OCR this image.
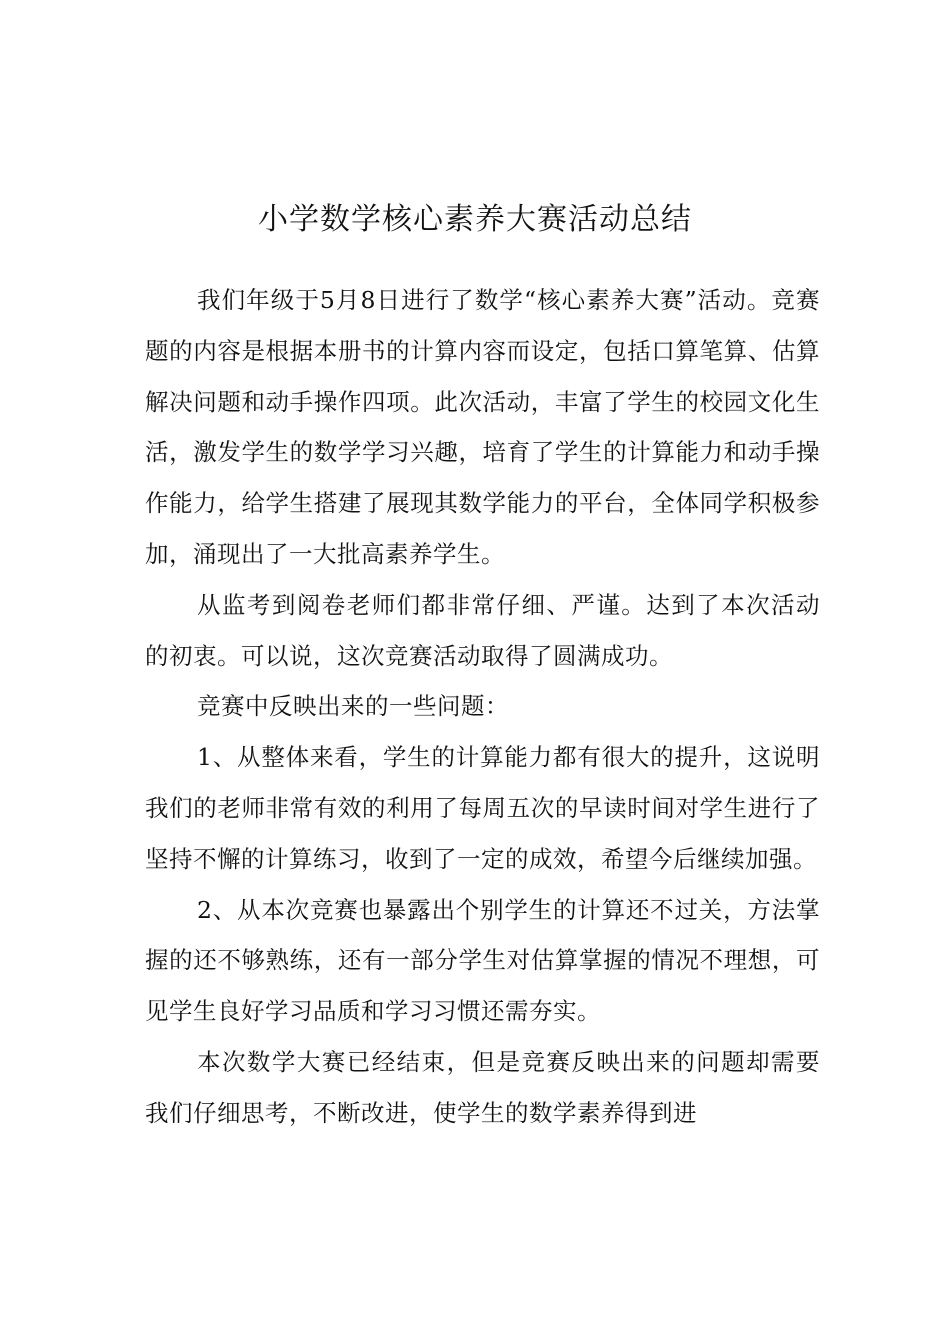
小学数学核心素养大赛活动总结

我们年级于5月8日进行了数学“核心素养大赛”活动。竞赛题的内容是根据本册书的计算内容而设定，包括口算笔算、估算解决问题和动手操作四项。此次活动，丰富了学生的校园文化生活，激发学生的数学学习兴趣，培育了学生的计算能力和动手操作能力，给学生搭建了展现其数学能力的平台，全体同学积极参加，涌现出了一大批高素养学生。

从监考到阅卷老师们都非常仔细、严谨。达到了本次活动的初衷。可以说，这次竞赛活动取得了圆满成功。

竞赛中反映出来的一些问题：

1、从整体来看，学生的计算能力都有很大的提升，这说明我们的老师非常有效的利用了每周五次的早读时间对学生进行了坚持不懈的计算练习，收到了一定的成效，希望今后继续加强。

2、从本次竞赛也暴露出个别学生的计算还不过关，方法掌握的还不够熟练，还有一部分学生对估算掌握的情况不理想，可见学生良好学习品质和学习习惯还需夯实。

本次数学大赛已经结束，但是竞赛反映出来的问题却需要我们仔细思考，不断改进，使学生的数学素养得到进
